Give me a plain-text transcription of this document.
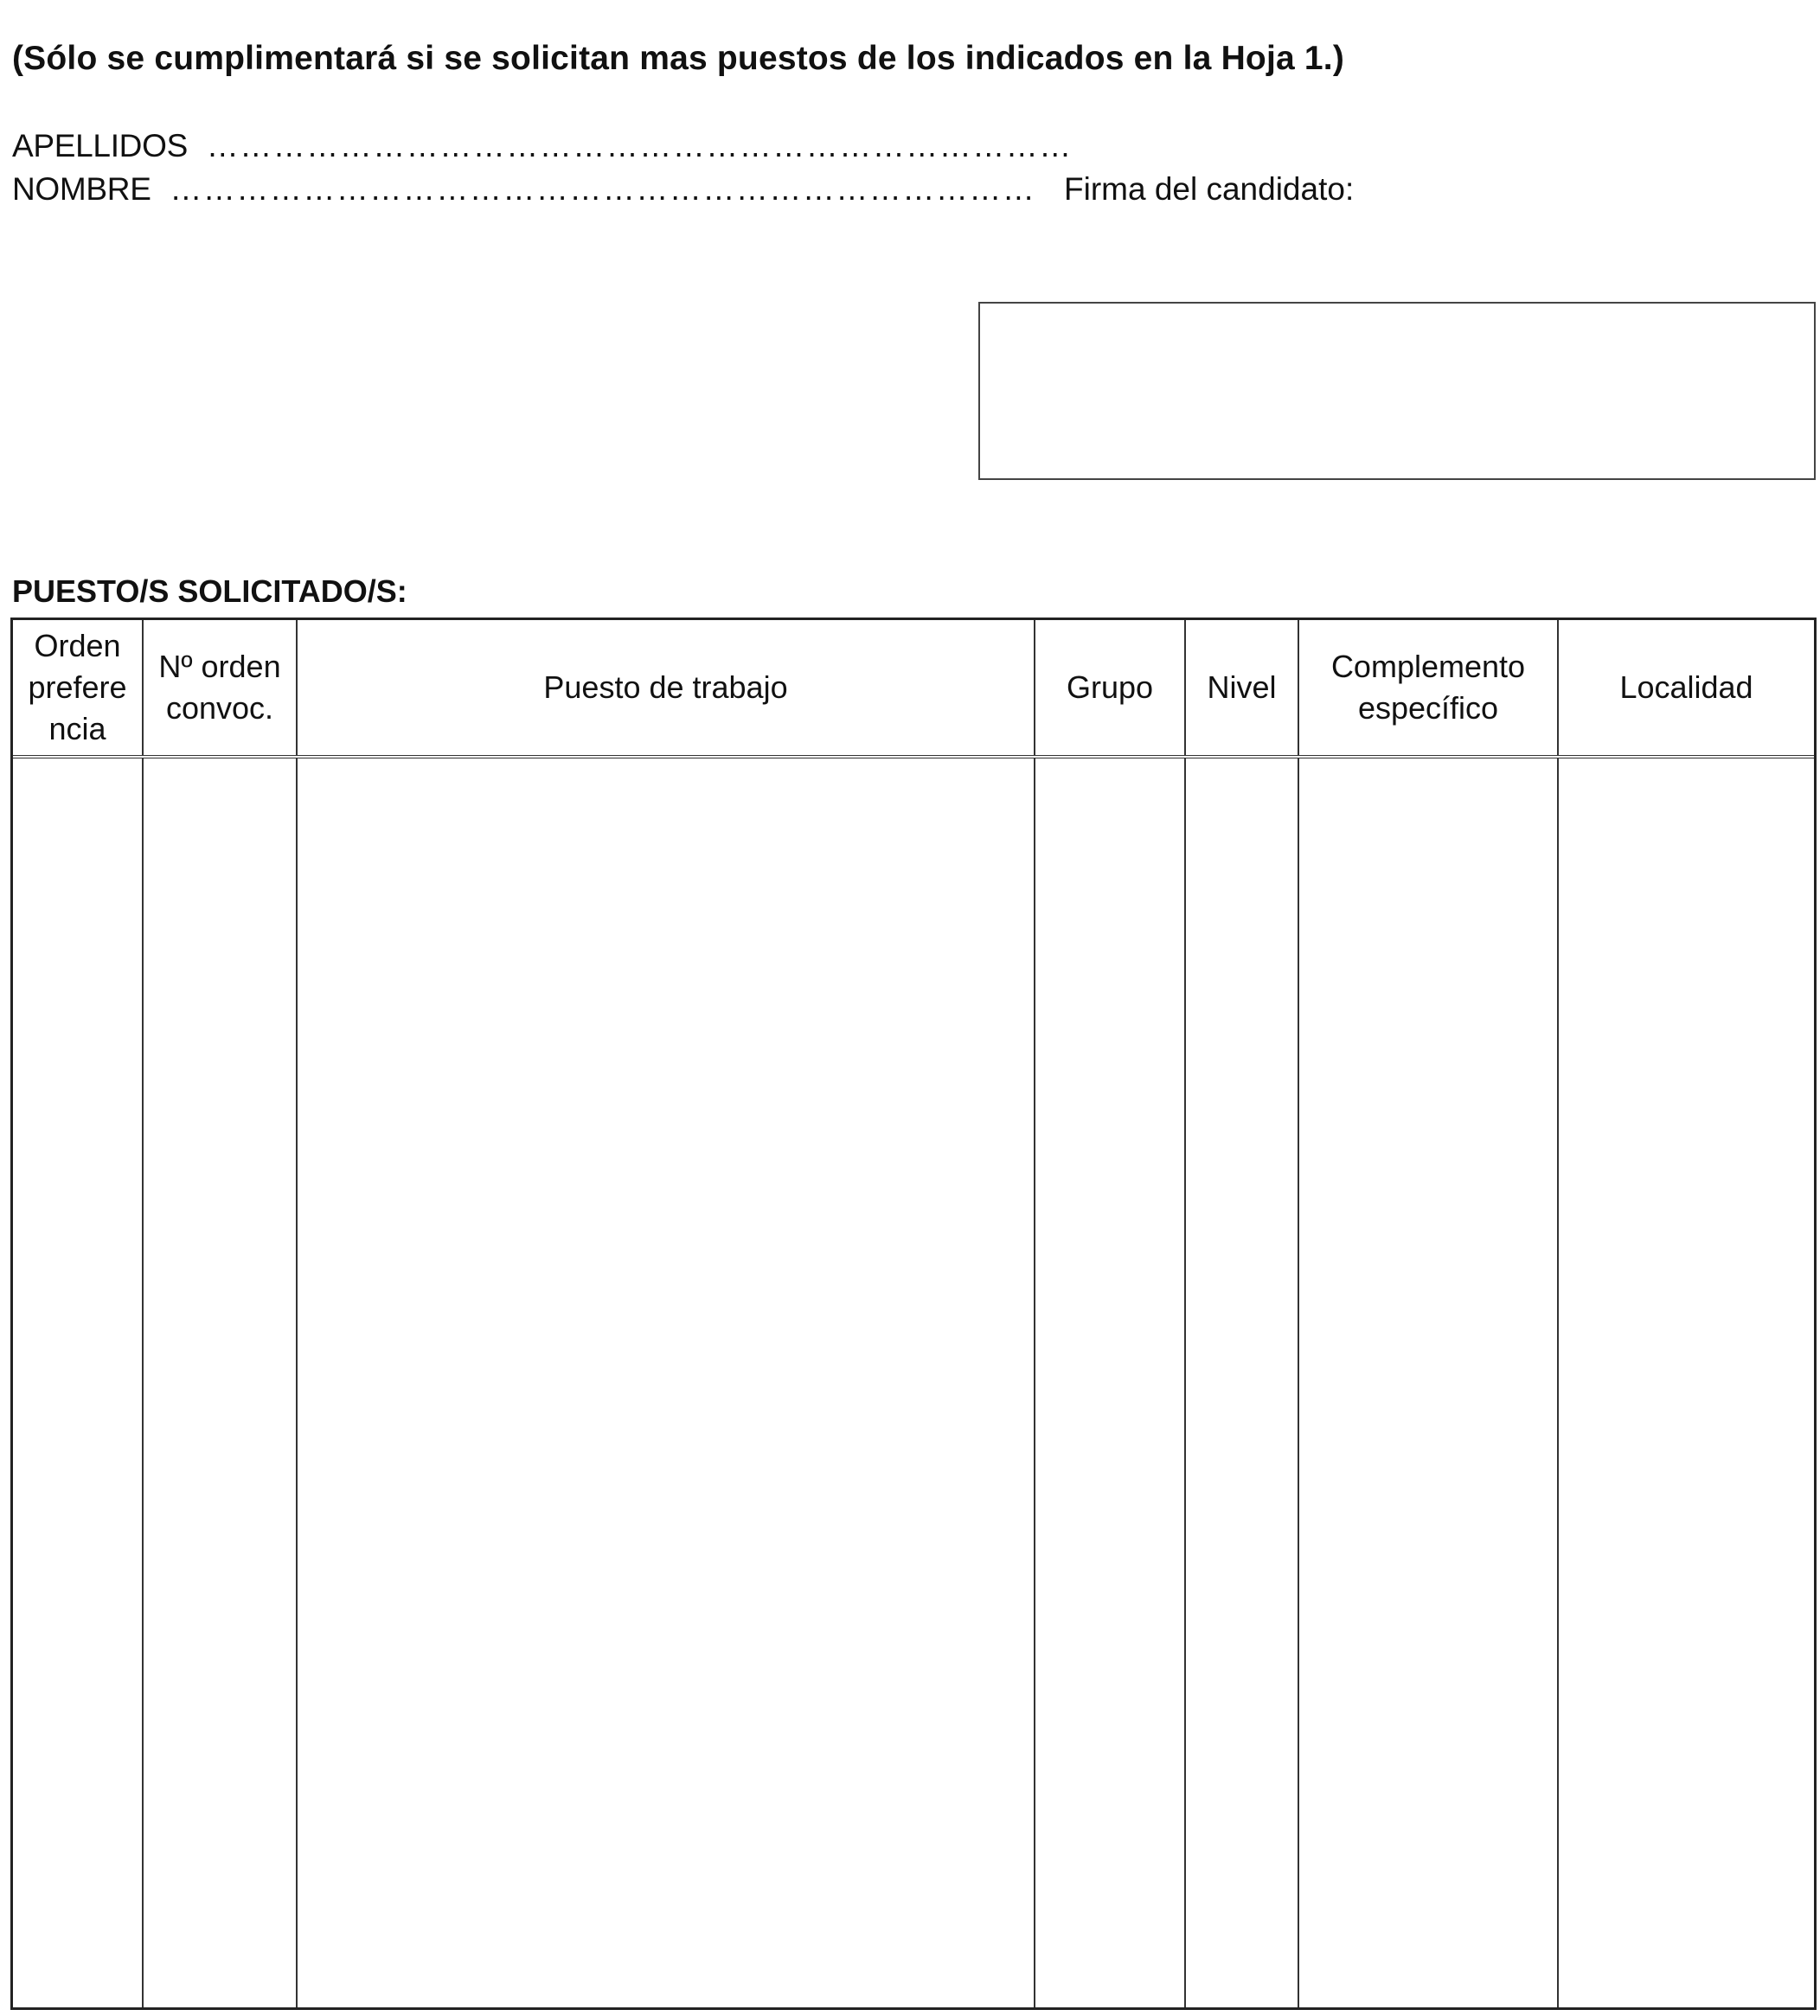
(Sólo se cumplimentará si se solicitan mas puestos de los indicados en la Hoja 1.)
APELLIDOS  ……………………………………………………………………
NOMBRE  …………………………………………………………………… Firma del candidato:
PUESTO/S SOLICITADO/S:
Orden prefere ncia	Nº orden convoc.	Puesto de trabajo	Grupo	Nivel	Complemento específico	Localidad
